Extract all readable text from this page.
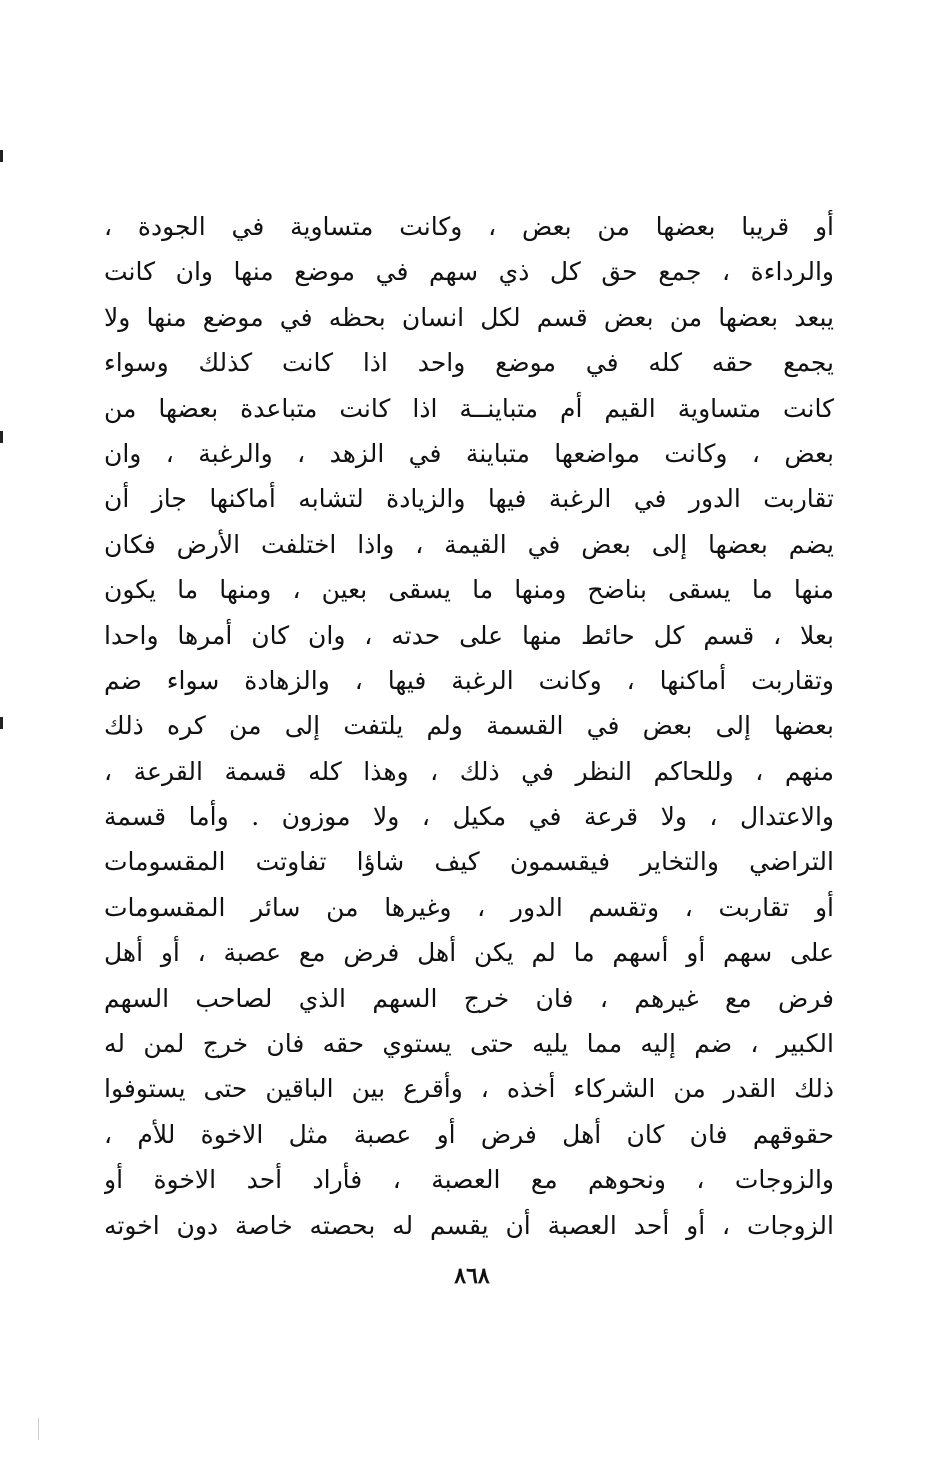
أو قريبا بعضها من بعض ، وكانت متساوية في الجودة ،
والرداءة ، جمع حق كل ذي سهم في موضع منها وان كانت
يبعد بعضها من بعض قسم لكل انسان بحظه في موضع منها ولا
يجمع حقه كله في موضع واحد اذا كانت كذلك وسواء
كانت متساوية القيم أم متباينــة اذا كانت متباعدة بعضها من
بعض ، وكانت مواضعها متباينة في الزهد ، والرغبة ، وان
تقاربت الدور في الرغبة فيها والزيادة لتشابه أماكنها جاز أن
يضم بعضها إلى بعض في القيمة ، واذا اختلفت الأرض فكان
منها ما يسقى بناضح ومنها ما يسقى بعين ، ومنها ما يكون
بعلا ، قسم كل حائط منها على حدته ، وان كان أمرها واحدا
وتقاربت أماكنها ، وكانت الرغبة فيها ، والزهادة سواء ضم
بعضها إلى بعض في القسمة ولم يلتفت إلى من كره ذلك
منهم ، وللحاكم النظر في ذلك ، وهذا كله قسمة القرعة ،
والاعتدال ، ولا قرعة في مكيل ، ولا موزون . وأما قسمة
التراضي والتخاير فيقسمون كيف شاؤا تفاوتت المقسومات
أو تقاربت ، وتقسم الدور ، وغيرها من سائر المقسومات
على سهم أو أسهم ما لم يكن أهل فرض مع عصبة ، أو أهل
فرض مع غيرهم ، فان خرج السهم الذي لصاحب السهم
الكبير ، ضم إليه مما يليه حتى يستوي حقه فان خرج لمن له
ذلك القدر من الشركاء أخذه ، وأقرع بين الباقين حتى يستوفوا
حقوقهم فان كان أهل فرض أو عصبة مثل الاخوة للأم ،
والزوجات ، ونحوهم مع العصبة ، فأراد أحد الاخوة أو
الزوجات ، أو أحد العصبة أن يقسم له بحصته خاصة دون اخوته
٨٦٨
